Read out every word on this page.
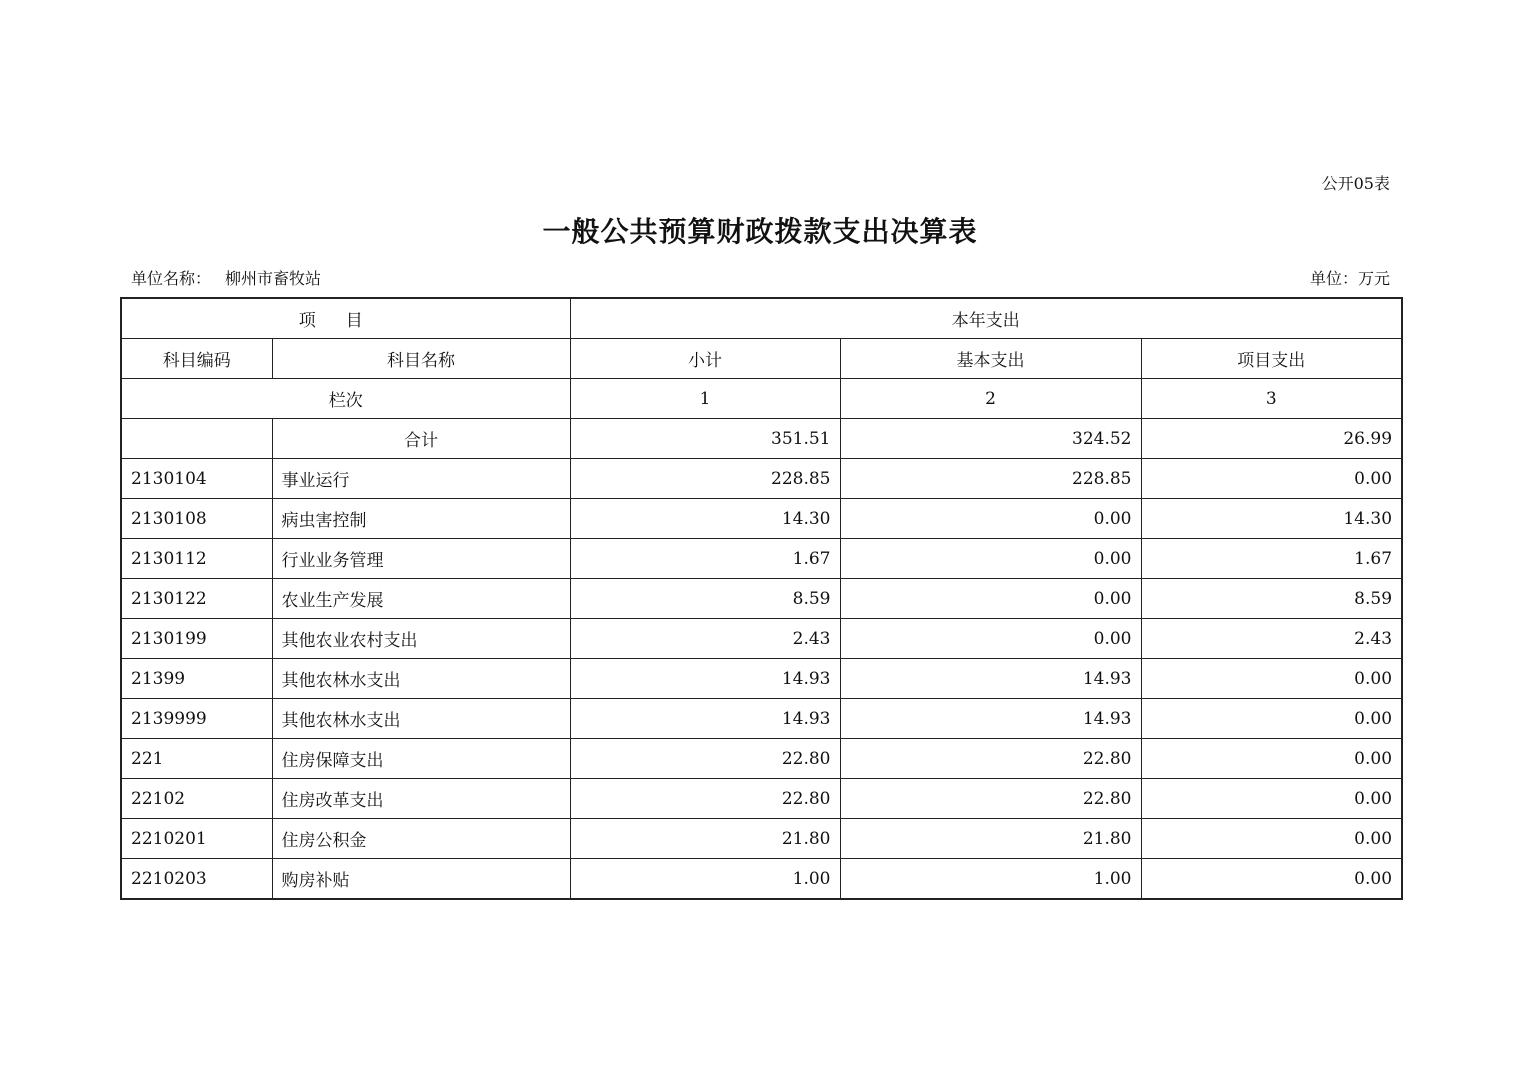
公开05表
一般公共预算财政拨款支出决算表
单位名称： 柳州市畜牧站	单位：万元
项目		本年支出		
科目编码	科目名称	小计	基本支出	项目支出
栏次		1	2	3
	合计	351.51	324.52	26.99
2130104	事业运行	228.85	228.85	0.00
2130108	病虫害控制	14.30	0.00	14.30
2130112	行业业务管理	1.67	0.00	1.67
2130122	农业生产发展	8.59	0.00	8.59
2130199	其他农业农村支出	2.43	0.00	2.43
21399	其他农林水支出	14.93	14.93	0.00
2139999	其他农林水支出	14.93	14.93	0.00
221	住房保障支出	22.80	22.80	0.00
22102	住房改革支出	22.80	22.80	0.00
2210201	住房公积金	21.80	21.80	0.00
2210203	购房补贴	1.00	1.00	0.00
